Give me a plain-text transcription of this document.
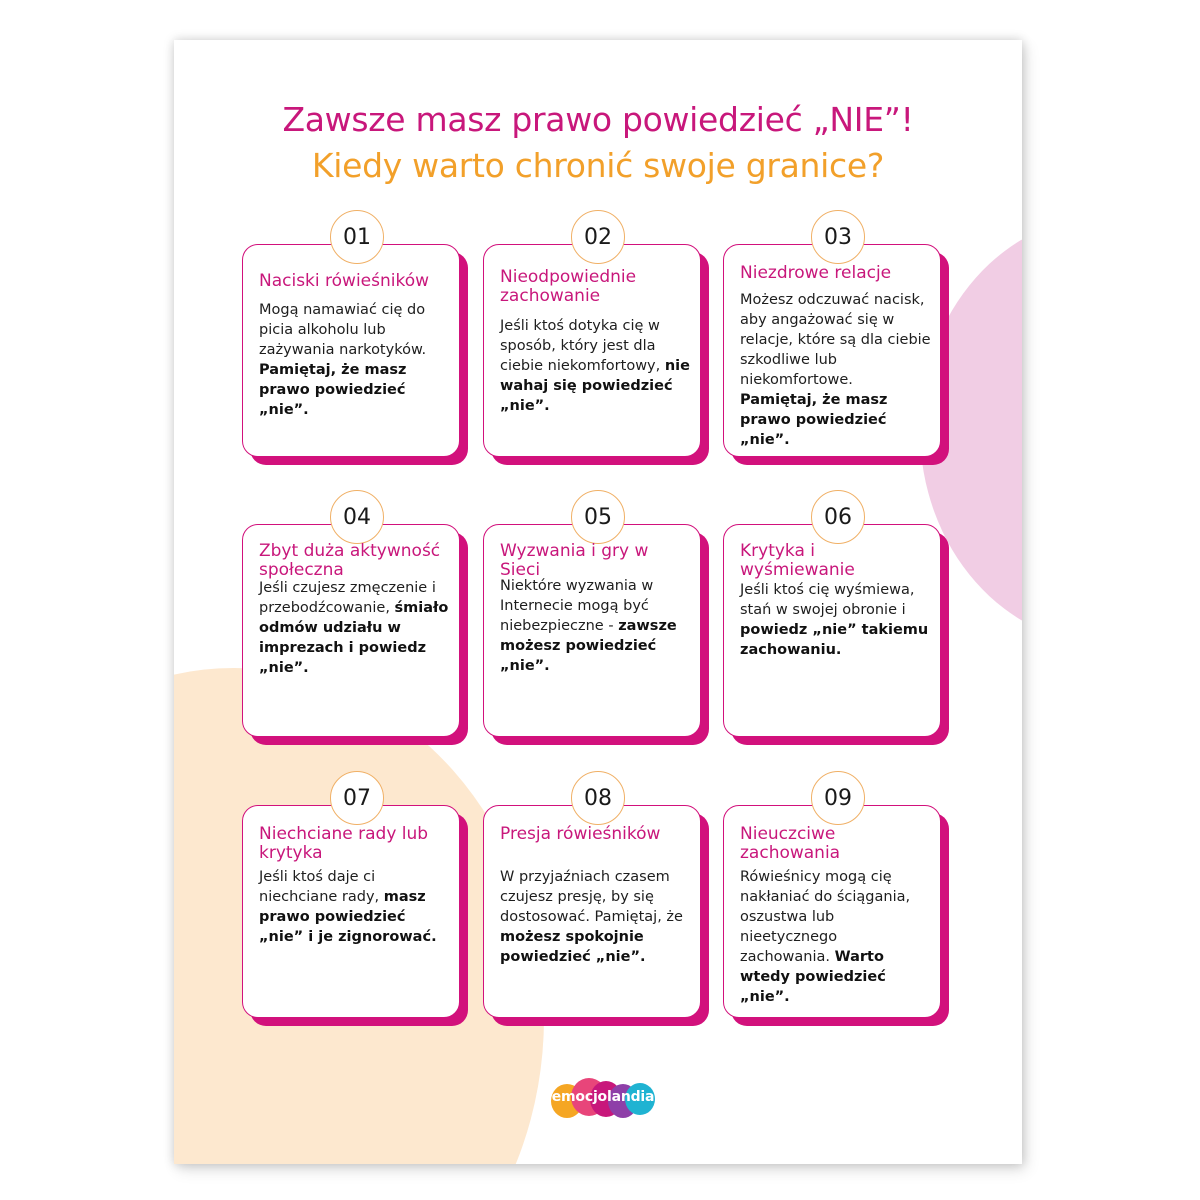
Zawsze masz prawo powiedzieć „NIE”!
Kiedy warto chronić swoje granice?
01
Naciski rówieśników
Mogą namawiać cię do picia alkoholu lub zażywania narkotyków. Pamiętaj, że masz prawo powiedzieć „nie”.
02
Nieodpowiednie zachowanie
Jeśli ktoś dotyka cię w sposób, który jest dla ciebie niekomfortowy, nie wahaj się powiedzieć „nie”.
03
Niezdrowe relacje
Możesz odczuwać nacisk, aby angażować się w relacje, które są dla ciebie szkodliwe lub niekomfortowe. Pamiętaj, że masz prawo powiedzieć „nie”.
04
Zbyt duża aktywność społeczna
Jeśli czujesz zmęczenie i przebodźcowanie, śmiało odmów udziału w imprezach i powiedz „nie”.
05
Wyzwania i gry w Sieci
Niektóre wyzwania w Internecie mogą być niebezpieczne - zawsze możesz powiedzieć „nie”.
06
Krytyka i wyśmiewanie
Jeśli ktoś cię wyśmiewa, stań w swojej obronie i powiedz „nie” takiemu zachowaniu.
07
Niechciane rady lub krytyka
Jeśli ktoś daje ci niechciane rady, masz prawo powiedzieć „nie” i je zignorować.
08
Presja rówieśników
W przyjaźniach czasem czujesz presję, by się dostosować. Pamiętaj, że możesz spokojnie powiedzieć „nie”.
09
Nieuczciwe zachowania
Rówieśnicy mogą cię nakłaniać do ściągania, oszustwa lub nieetycznego zachowania. Warto wtedy powiedzieć „nie”.
emocjolandia
